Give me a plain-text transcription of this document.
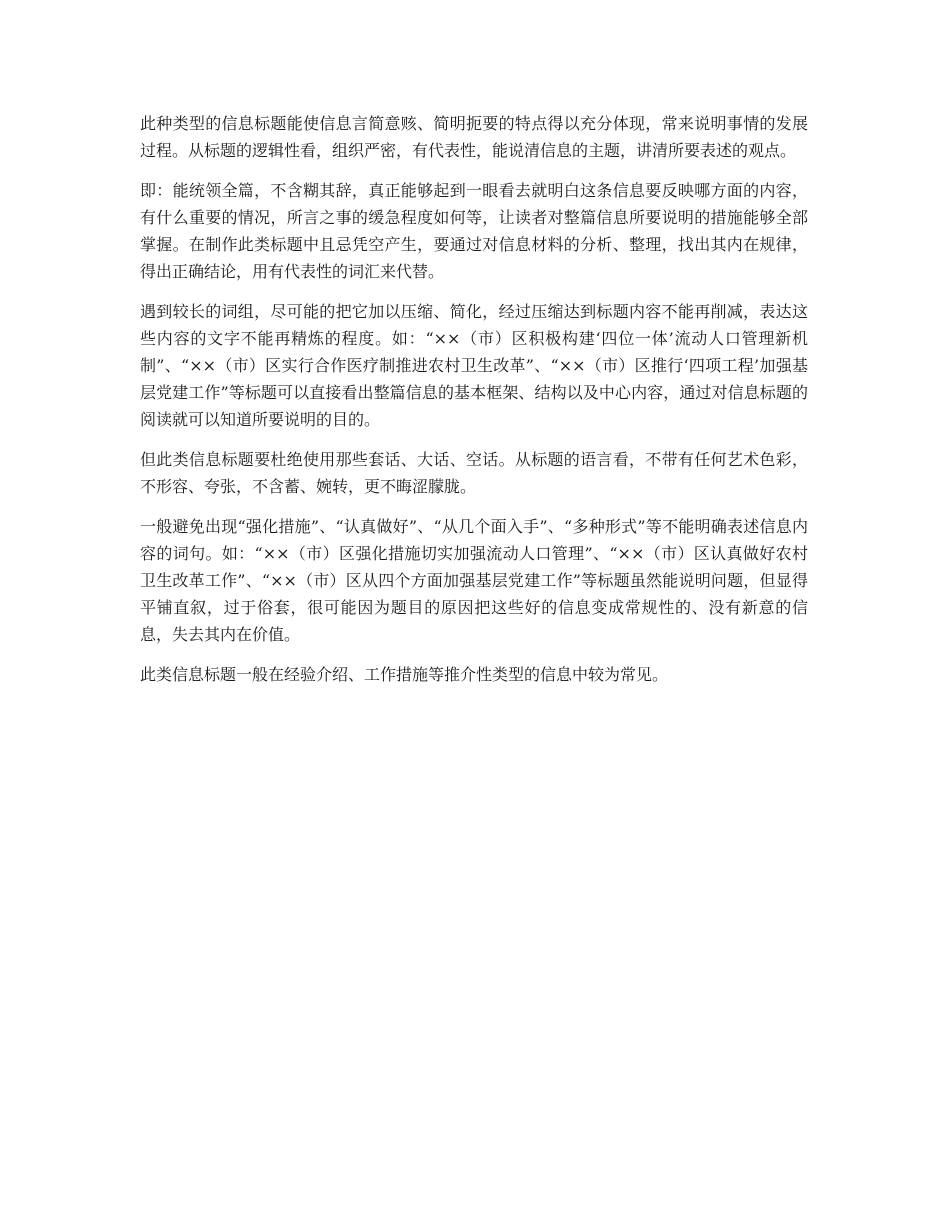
此种类型的信息标题能使信息言简意赅、简明扼要的特点得以充分体现，常来说明事情的发展过程。从标题的逻辑性看，组织严密，有代表性，能说清信息的主题，讲清所要表述的观点。

即：能统领全篇，不含糊其辞，真正能够起到一眼看去就明白这条信息要反映哪方面的内容，有什么重要的情况，所言之事的缓急程度如何等，让读者对整篇信息所要说明的措施能够全部掌握。在制作此类标题中且忌凭空产生，要通过对信息材料的分析、整理，找出其内在规律，得出正确结论，用有代表性的词汇来代替。

遇到较长的词组，尽可能的把它加以压缩、简化，经过压缩达到标题内容不能再削减，表达这些内容的文字不能再精炼的程度。如：“××（市）区积极构建‘四位一体’流动人口管理新机制”、“××（市）区实行合作医疗制推进农村卫生改革”、“××（市）区推行‘四项工程’加强基层党建工作”等标题可以直接看出整篇信息的基本框架、结构以及中心内容，通过对信息标题的阅读就可以知道所要说明的目的。

但此类信息标题要杜绝使用那些套话、大话、空话。从标题的语言看，不带有任何艺术色彩，不形容、夸张，不含蓄、婉转，更不晦涩朦胧。

一般避免出现“强化措施”、“认真做好”、“从几个面入手”、“多种形式”等不能明确表述信息内容的词句。如：“××（市）区强化措施切实加强流动人口管理”、“××（市）区认真做好农村卫生改革工作”、“××（市）区从四个方面加强基层党建工作”等标题虽然能说明问题，但显得平铺直叙，过于俗套，很可能因为题目的原因把这些好的信息变成常规性的、没有新意的信息，失去其内在价值。

此类信息标题一般在经验介绍、工作措施等推介性类型的信息中较为常见。
